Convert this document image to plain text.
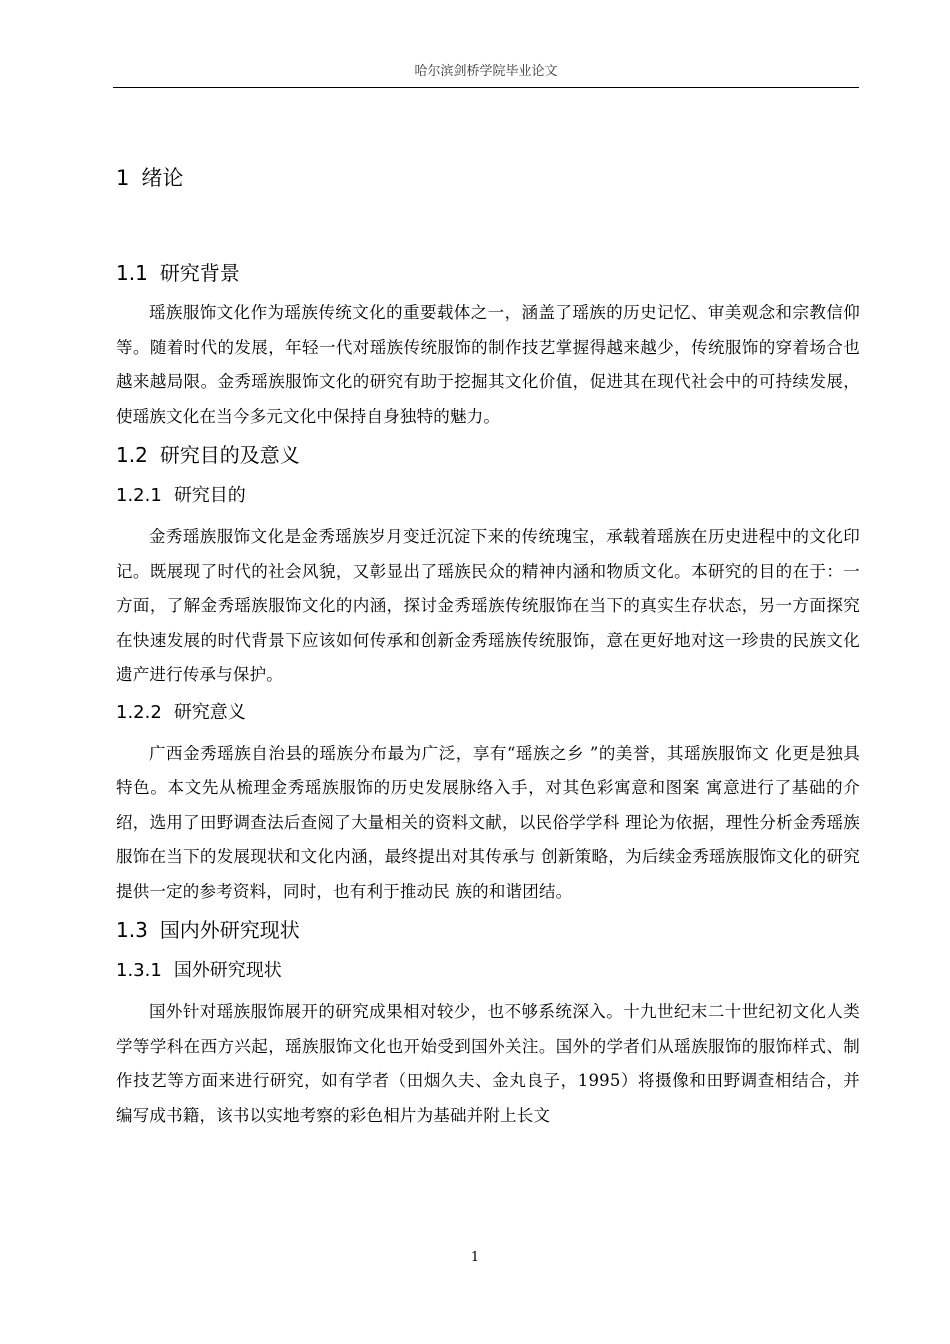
哈尔滨剑桥学院毕业论文
1 绪论
1.1 研究背景

瑶族服饰文化作为瑶族传统文化的重要载体之一，涵盖了瑶族的历史记忆、审美观念和宗教信仰等。随着时代的发展，年轻一代对瑶族传统服饰的制作技艺掌握得越来越少，传统服饰的穿着场合也越来越局限。金秀瑶族服饰文化的研究有助于挖掘其文化价值，促进其在现代社会中的可持续发展，使瑶族文化在当今多元文化中保持自身独特的魅力。

1.2 研究目的及意义
1.2.1 研究目的

金秀瑶族服饰文化是金秀瑶族岁月变迁沉淀下来的传统瑰宝，承载着瑶族在历史进程中的文化印记。既展现了时代的社会风貌，又彰显出了瑶族民众的精神内涵和物质文化。本研究的目的在于：一方面，了解金秀瑶族服饰文化的内涵，探讨金秀瑶族传统服饰在当下的真实生存状态，另一方面探究在快速发展的时代背景下应该如何传承和创新金秀瑶族传统服饰，意在更好地对这一珍贵的民族文化遗产进行传承与保护。

1.2.2 研究意义

广西金秀瑶族自治县的瑶族分布最为广泛，享有“瑶族之乡 ”的美誉，其瑶族服饰文 化更是独具特色。本文先从梳理金秀瑶族服饰的历史发展脉络入手，对其色彩寓意和图案 寓意进行了基础的介绍，选用了田野调查法后查阅了大量相关的资料文献，以民俗学学科 理论为依据，理性分析金秀瑶族服饰在当下的发展现状和文化内涵，最终提出对其传承与 创新策略，为后续金秀瑶族服饰文化的研究提供一定的参考资料，同时，也有利于推动民 族的和谐团结。

1.3 国内外研究现状
1.3.1 国外研究现状

国外针对瑶族服饰展开的研究成果相对较少，也不够系统深入。十九世纪末二十世纪初文化人类学等学科在西方兴起，瑶族服饰文化也开始受到国外关注。国外的学者们从瑶族服饰的服饰样式、制作技艺等方面来进行研究，如有学者（田烟久夫、金丸良子，1995）将摄像和田野调查相结合，并编写成书籍，该书以实地考察的彩色相片为基础并附上长文

1
